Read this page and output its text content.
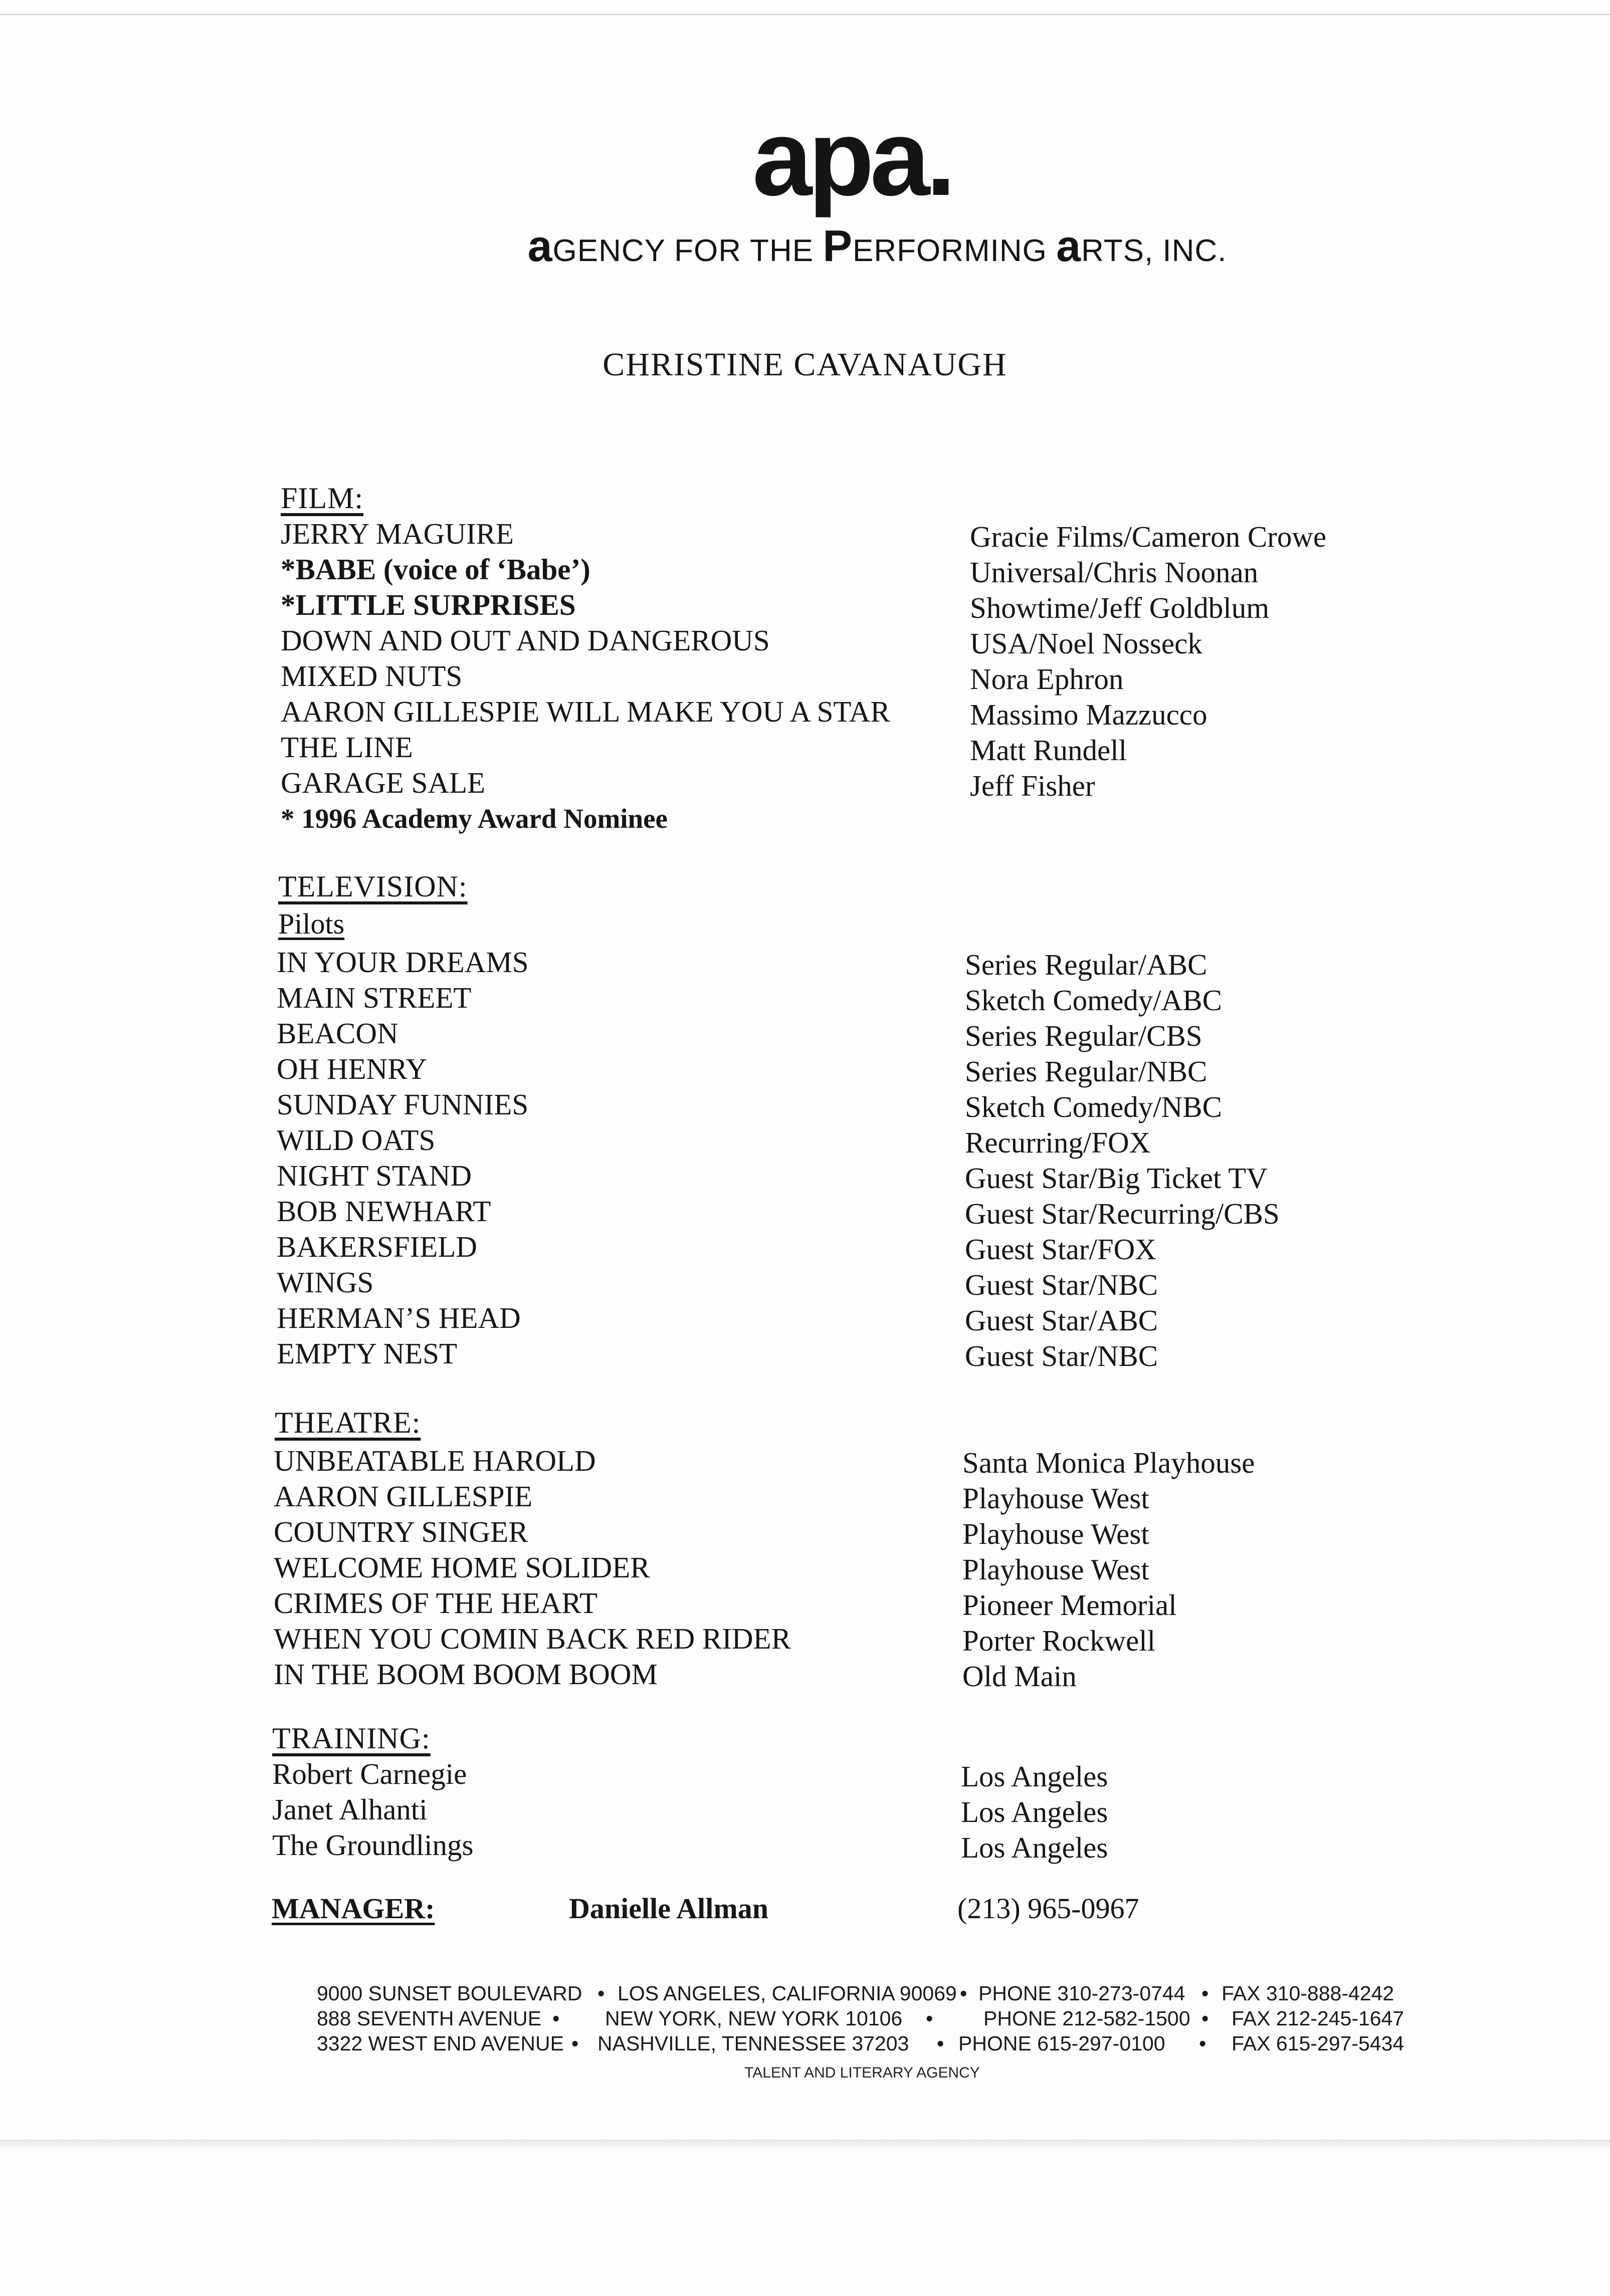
apa.
aGENCY FOR THE PERFORMING aRTS, INC.
CHRISTINE CAVANAUGH
FILM:
JERRY MAGUIRE
*BABE (voice of ‘Babe’)
*LITTLE SURPRISES
DOWN AND OUT AND DANGEROUS
MIXED NUTS
AARON GILLESPIE WILL MAKE YOU A STAR
THE LINE
GARAGE SALE
* 1996 Academy Award Nominee
Gracie Films/Cameron Crowe
Universal/Chris Noonan
Showtime/Jeff Goldblum
USA/Noel Nosseck
Nora Ephron
Massimo Mazzucco
Matt Rundell
Jeff Fisher
TELEVISION:
Pilots
IN YOUR DREAMS
MAIN STREET
BEACON
OH HENRY
SUNDAY FUNNIES
WILD OATS
NIGHT STAND
BOB NEWHART
BAKERSFIELD
WINGS
HERMAN’S HEAD
EMPTY NEST
Series Regular/ABC
Sketch Comedy/ABC
Series Regular/CBS
Series Regular/NBC
Sketch Comedy/NBC
Recurring/FOX
Guest Star/Big Ticket TV
Guest Star/Recurring/CBS
Guest Star/FOX
Guest Star/NBC
Guest Star/ABC
Guest Star/NBC
THEATRE:
UNBEATABLE HAROLD
AARON GILLESPIE
COUNTRY SINGER
WELCOME HOME SOLIDER
CRIMES OF THE HEART
WHEN YOU COMIN BACK RED RIDER
IN THE BOOM BOOM BOOM
Santa Monica Playhouse
Playhouse West
Playhouse West
Playhouse West
Pioneer Memorial
Porter Rockwell
Old Main
TRAINING:
Robert Carnegie
Janet Alhanti
The Groundlings
Los Angeles
Los Angeles
Los Angeles
MANAGER:	Danielle Allman	(213) 965-0967
9000 SUNSET BOULEVARD • LOS ANGELES, CALIFORNIA 90069 • PHONE 310-273-0744 • FAX 310-888-4242
888 SEVENTH AVENUE • NEW YORK, NEW YORK 10106 • PHONE 212-582-1500 • FAX 212-245-1647
3322 WEST END AVENUE • NASHVILLE, TENNESSEE 37203 • PHONE 615-297-0100 • FAX 615-297-5434
TALENT AND LITERARY AGENCY
